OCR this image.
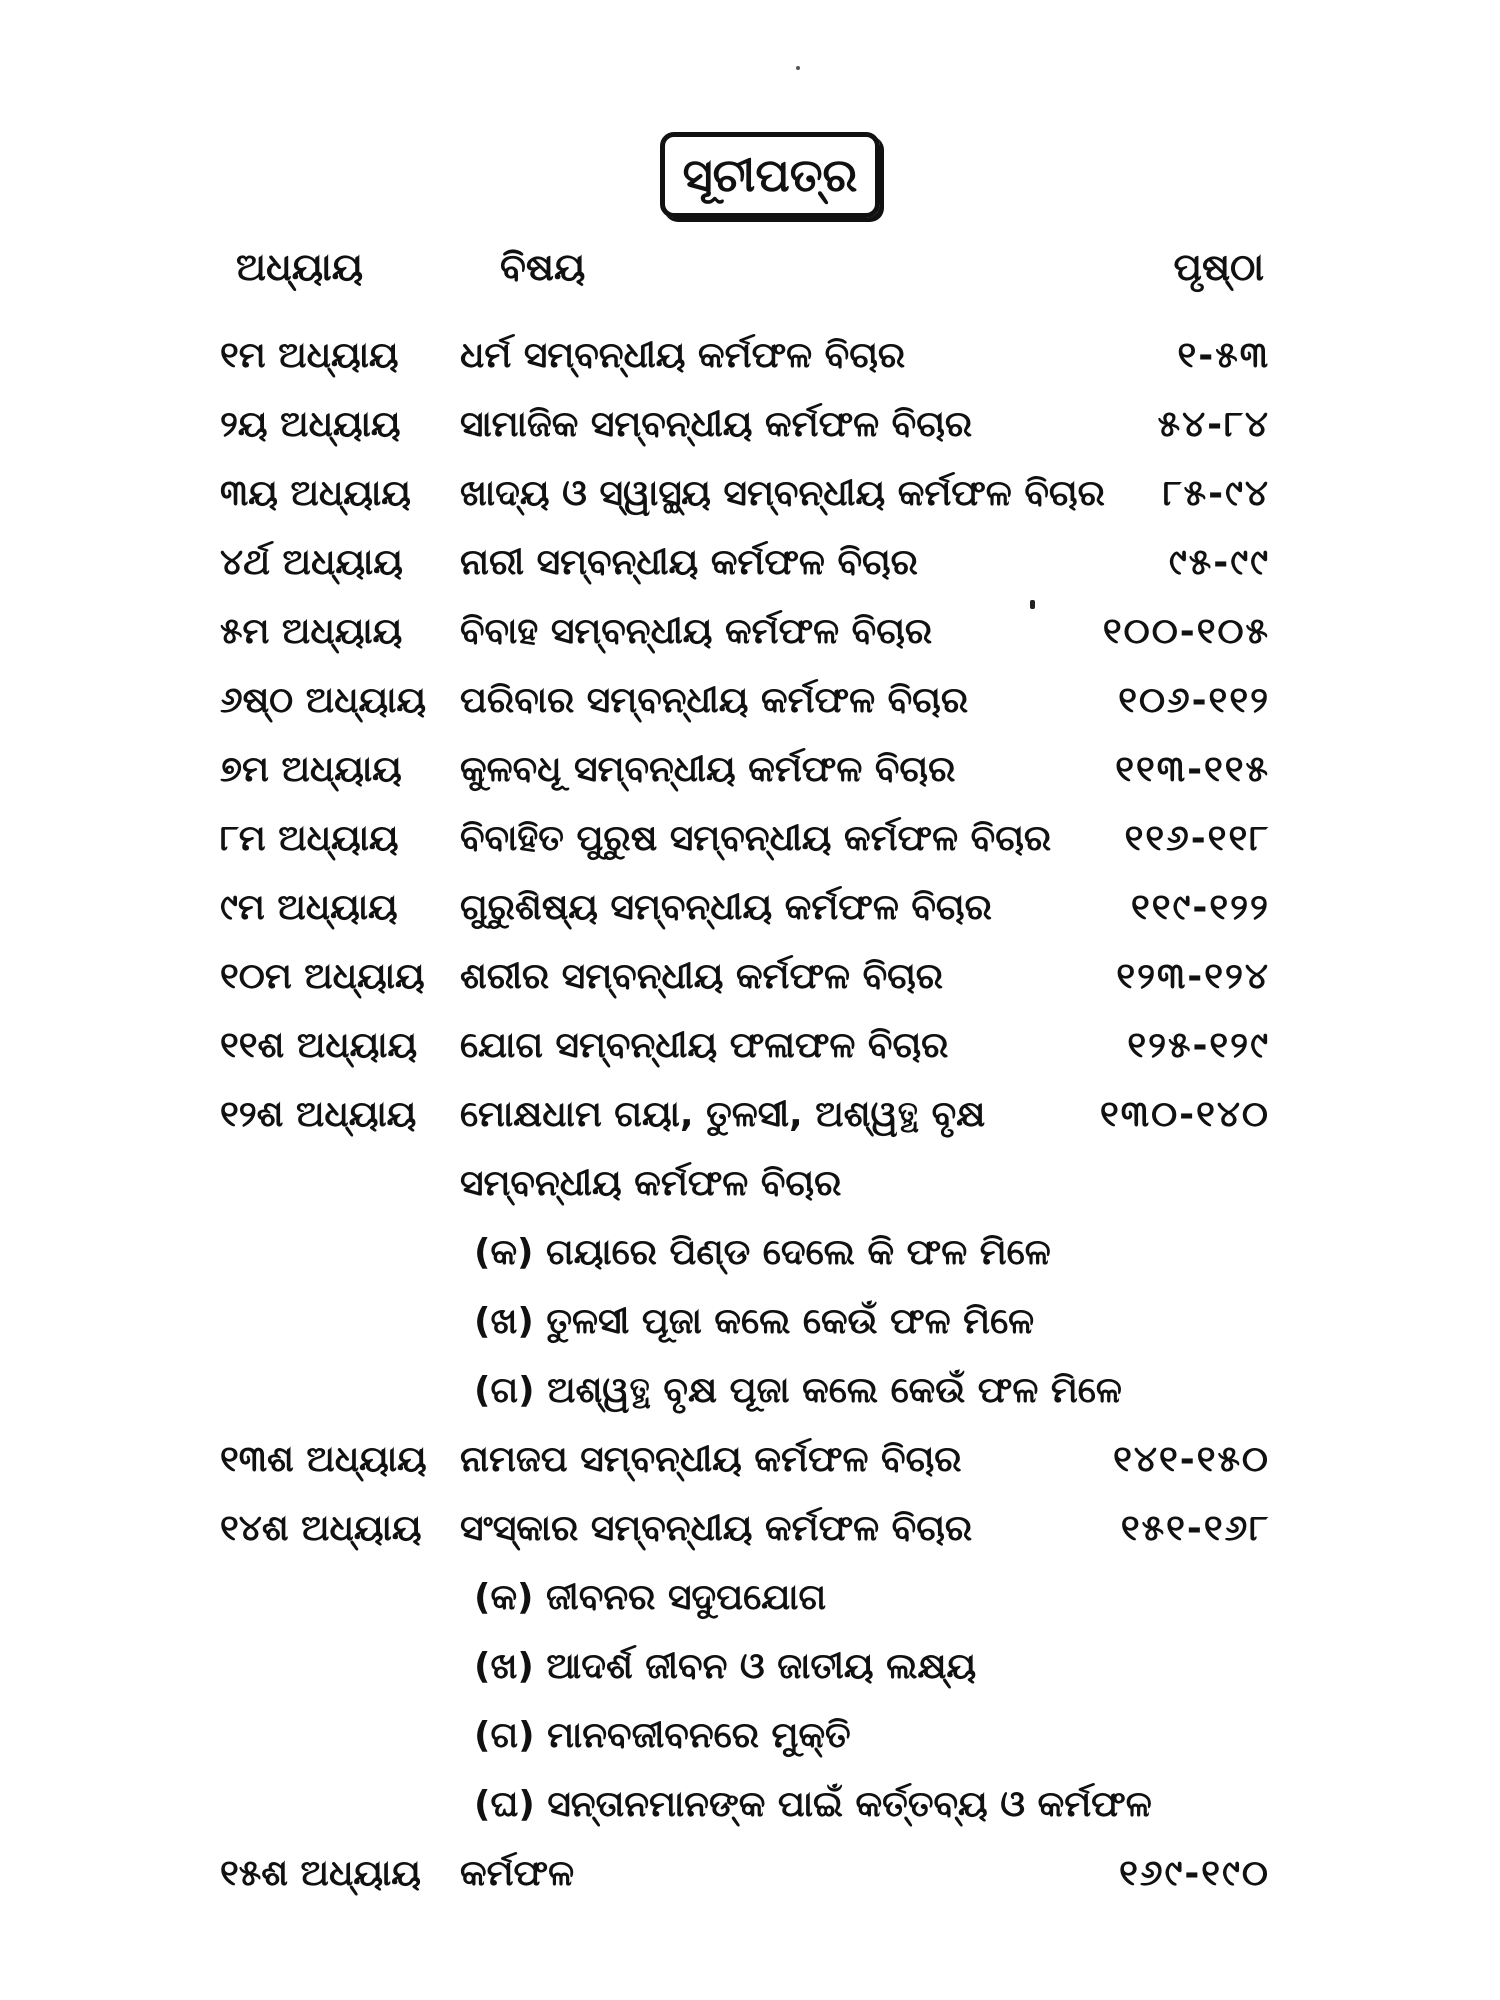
ସୂଚୀପତ୍ର
ଅଧ୍ୟାୟ	ବିଷୟ	ପୃଷ୍ଠା
୧ମ ଅଧ୍ୟାୟ ଧର୍ମ ସମ୍ବନ୍ଧୀୟ କର୍ମଫଳ ବିଚାର	୧-୫୩
୨ୟ ଅଧ୍ୟାୟ ସାମାଜିକ ସମ୍ବନ୍ଧୀୟ କର୍ମଫଳ ବିଚାର	୫୪-୮୪
୩ୟ ଅଧ୍ୟାୟ ଖାଦ୍ୟ ଓ ସ୍ୱାସ୍ଥ୍ୟ ସମ୍ବନ୍ଧୀୟ କର୍ମଫଳ ବିଚାର ୮୫-୯୪
୪ର୍ଥ ଅଧ୍ୟାୟ ନାରୀ ସମ୍ବନ୍ଧୀୟ କର୍ମଫଳ ବିଚାର	୯୫-୯୯
୫ମ ଅଧ୍ୟାୟ ବିବାହ ସମ୍ବନ୍ଧୀୟ କର୍ମଫଳ ବିଚାର	୧୦୦-୧୦୫
୬ଷ୍ଠ ଅଧ୍ୟାୟ ପରିବାର ସମ୍ବନ୍ଧୀୟ କର୍ମଫଳ ବିଚାର	୧୦୬-୧୧୨
୭ମ ଅଧ୍ୟାୟ କୁଳବଧୂ ସମ୍ବନ୍ଧୀୟ କର୍ମଫଳ ବିଚାର	୧୧୩-୧୧୫
୮ମ ଅଧ୍ୟାୟ ବିବାହିତ ପୁରୁଷ ସମ୍ବନ୍ଧୀୟ କର୍ମଫଳ ବିଚାର ୧୧୬-୧୧୮
୯ମ ଅଧ୍ୟାୟ ଗୁରୁଶିଷ୍ୟ ସମ୍ବନ୍ଧୀୟ କର୍ମଫଳ ବିଚାର	୧୧୯-୧୨୨
୧୦ମ ଅଧ୍ୟାୟ ଶରୀର ସମ୍ବନ୍ଧୀୟ କର୍ମଫଳ ବିଚାର	୧୨୩-୧୨୪
୧୧ଶ ଅଧ୍ୟାୟ ଯୋଗ ସମ୍ବନ୍ଧୀୟ ଫଳାଫଳ ବିଚାର	୧୨୫-୧୨୯
୧୨ଶ ଅଧ୍ୟାୟ ମୋକ୍ଷଧାମ ଗୟା, ତୁଳସୀ, ଅଶ୍ୱତ୍ଥ ବୃକ୍ଷ	୧୩୦-୧୪୦
ସମ୍ବନ୍ଧୀୟ କର୍ମଫଳ ବିଚାର
(କ) ଗୟାରେ ପିଣ୍ଡ ଦେଲେ କି ଫଳ ମିଳେ
(ଖ) ତୁଳସୀ ପୂଜା କଲେ କେଉଁ ଫଳ ମିଳେ
(ଗ) ଅଶ୍ୱତ୍ଥ ବୃକ୍ଷ ପୂଜା କଲେ କେଉଁ ଫଳ ମିଳେ
୧୩ଶ ଅଧ୍ୟାୟ ନାମଜପ ସମ୍ବନ୍ଧୀୟ କର୍ମଫଳ ବିଚାର	୧୪୧-୧୫୦
୧୪ଶ ଅଧ୍ୟାୟ ସଂସ୍କାର ସମ୍ବନ୍ଧୀୟ କର୍ମଫଳ ବିଚାର	୧୫୧-୧୬୮
(କ) ଜୀବନର ସଦୁପଯୋଗ
(ଖ) ଆଦର୍ଶ ଜୀବନ ଓ ଜାତୀୟ ଲକ୍ଷ୍ୟ
(ଗ) ମାନବଜୀବନରେ ମୁକ୍ତି
(ଘ) ସନ୍ତାନମାନଙ୍କ ପାଇଁ କର୍ତ୍ତବ୍ୟ ଓ କର୍ମଫଳ
୧୫ଶ ଅଧ୍ୟାୟ କର୍ମଫଳ	୧୬୯-୧୯୦
